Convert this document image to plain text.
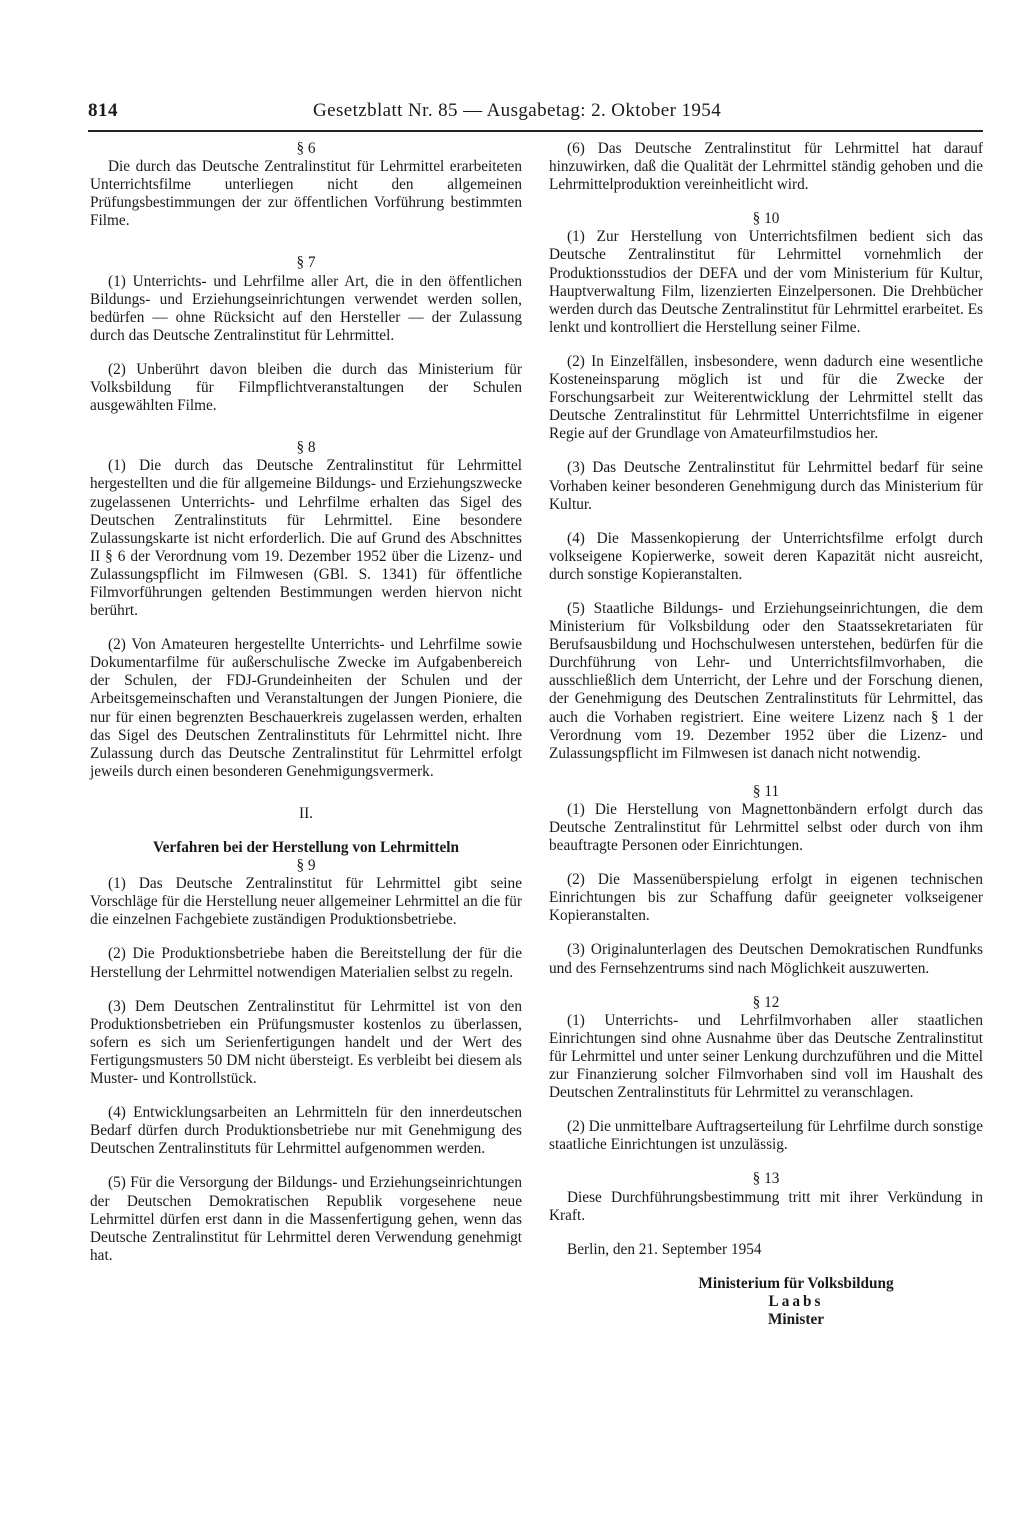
814	Gesetzblatt Nr. 85 — Ausgabetag: 2. Oktober 1954

§ 6

Die durch das Deutsche Zentralinstitut für Lehrmittel erarbeiteten Unterrichtsfilme unterliegen nicht den allgemeinen Prüfungsbestimmungen der zur öffentlichen Vorführung bestimmten Filme.

§ 7

(1) Unterrichts- und Lehrfilme aller Art, die in den öffentlichen Bildungs- und Erziehungseinrichtungen verwendet werden sollen, bedürfen — ohne Rücksicht auf den Hersteller — der Zulassung durch das Deutsche Zentralinstitut für Lehrmittel.

(2) Unberührt davon bleiben die durch das Ministerium für Volksbildung für Filmpflichtveranstaltungen der Schulen ausgewählten Filme.

§ 8

(1) Die durch das Deutsche Zentralinstitut für Lehrmittel hergestellten und die für allgemeine Bildungs- und Erziehungszwecke zugelassenen Unterrichts- und Lehrfilme erhalten das Sigel des Deutschen Zentralinstituts für Lehrmittel. Eine besondere Zulassungskarte ist nicht erforderlich. Die auf Grund des Abschnittes II § 6 der Verordnung vom 19. Dezember 1952 über die Lizenz- und Zulassungspflicht im Filmwesen (GBl. S. 1341) für öffentliche Filmvorführungen geltenden Bestimmungen werden hiervon nicht berührt.

(2) Von Amateuren hergestellte Unterrichts- und Lehrfilme sowie Dokumentarfilme für außerschulische Zwecke im Aufgabenbereich der Schulen, der FDJ-Grundeinheiten der Schulen und der Arbeitsgemeinschaften und Veranstaltungen der Jungen Pioniere, die nur für einen begrenzten Beschauerkreis zugelassen werden, erhalten das Sigel des Deutschen Zentralinstituts für Lehrmittel nicht. Ihre Zulassung durch das Deutsche Zentralinstitut für Lehrmittel erfolgt jeweils durch einen besonderen Genehmigungsvermerk.

II.

Verfahren bei der Herstellung von Lehrmitteln

§ 9

(1) Das Deutsche Zentralinstitut für Lehrmittel gibt seine Vorschläge für die Herstellung neuer allgemeiner Lehrmittel an die für die einzelnen Fachgebiete zuständigen Produktionsbetriebe.

(2) Die Produktionsbetriebe haben die Bereitstellung der für die Herstellung der Lehrmittel notwendigen Materialien selbst zu regeln.

(3) Dem Deutschen Zentralinstitut für Lehrmittel ist von den Produktionsbetrieben ein Prüfungsmuster kostenlos zu überlassen, sofern es sich um Serienfertigungen handelt und der Wert des Fertigungsmusters 50 DM nicht übersteigt. Es verbleibt bei diesem als Muster- und Kontrollstück.

(4) Entwicklungsarbeiten an Lehrmitteln für den innerdeutschen Bedarf dürfen durch Produktionsbetriebe nur mit Genehmigung des Deutschen Zentralinstituts für Lehrmittel aufgenommen werden.

(5) Für die Versorgung der Bildungs- und Erziehungseinrichtungen der Deutschen Demokratischen Republik vorgesehene neue Lehrmittel dürfen erst dann in die Massenfertigung gehen, wenn das Deutsche Zentralinstitut für Lehrmittel deren Verwendung genehmigt hat.

(6) Das Deutsche Zentralinstitut für Lehrmittel hat darauf hinzuwirken, daß die Qualität der Lehrmittel ständig gehoben und die Lehrmittelproduktion vereinheitlicht wird.

§ 10

(1) Zur Herstellung von Unterrichtsfilmen bedient sich das Deutsche Zentralinstitut für Lehrmittel vornehmlich der Produktionsstudios der DEFA und der vom Ministerium für Kultur, Hauptverwaltung Film, lizenzierten Einzelpersonen. Die Drehbücher werden durch das Deutsche Zentralinstitut für Lehrmittel erarbeitet. Es lenkt und kontrolliert die Herstellung seiner Filme.

(2) In Einzelfällen, insbesondere, wenn dadurch eine wesentliche Kosteneinsparung möglich ist und für die Zwecke der Forschungsarbeit zur Weiterentwicklung der Lehrmittel stellt das Deutsche Zentralinstitut für Lehrmittel Unterrichtsfilme in eigener Regie auf der Grundlage von Amateurfilmstudios her.

(3) Das Deutsche Zentralinstitut für Lehrmittel bedarf für seine Vorhaben keiner besonderen Genehmigung durch das Ministerium für Kultur.

(4) Die Massenkopierung der Unterrichtsfilme erfolgt durch volkseigene Kopierwerke, soweit deren Kapazität nicht ausreicht, durch sonstige Kopieranstalten.

(5) Staatliche Bildungs- und Erziehungseinrichtungen, die dem Ministerium für Volksbildung oder den Staatssekretariaten für Berufsausbildung und Hochschulwesen unterstehen, bedürfen für die Durchführung von Lehr- und Unterrichtsfilmvorhaben, die ausschließlich dem Unterricht, der Lehre und der Forschung dienen, der Genehmigung des Deutschen Zentralinstituts für Lehrmittel, das auch die Vorhaben registriert. Eine weitere Lizenz nach § 1 der Verordnung vom 19. Dezember 1952 über die Lizenz- und Zulassungspflicht im Filmwesen ist danach nicht notwendig.

§ 11

(1) Die Herstellung von Magnettonbändern erfolgt durch das Deutsche Zentralinstitut für Lehrmittel selbst oder durch von ihm beauftragte Personen oder Einrichtungen.

(2) Die Massenüberspielung erfolgt in eigenen technischen Einrichtungen bis zur Schaffung dafür geeigneter volkseigener Kopieranstalten.

(3) Originalunterlagen des Deutschen Demokratischen Rundfunks und des Fernsehzentrums sind nach Möglichkeit auszuwerten.

§ 12

(1) Unterrichts- und Lehrfilmvorhaben aller staatlichen Einrichtungen sind ohne Ausnahme über das Deutsche Zentralinstitut für Lehrmittel und unter seiner Lenkung durchzuführen und die Mittel zur Finanzierung solcher Filmvorhaben sind voll im Haushalt des Deutschen Zentralinstituts für Lehrmittel zu veranschlagen.

(2) Die unmittelbare Auftragserteilung für Lehrfilme durch sonstige staatliche Einrichtungen ist unzulässig.

§ 13

Diese Durchführungsbestimmung tritt mit ihrer Verkündung in Kraft.

Berlin, den 21. September 1954

Ministerium für Volksbildung

Laabs

Minister
